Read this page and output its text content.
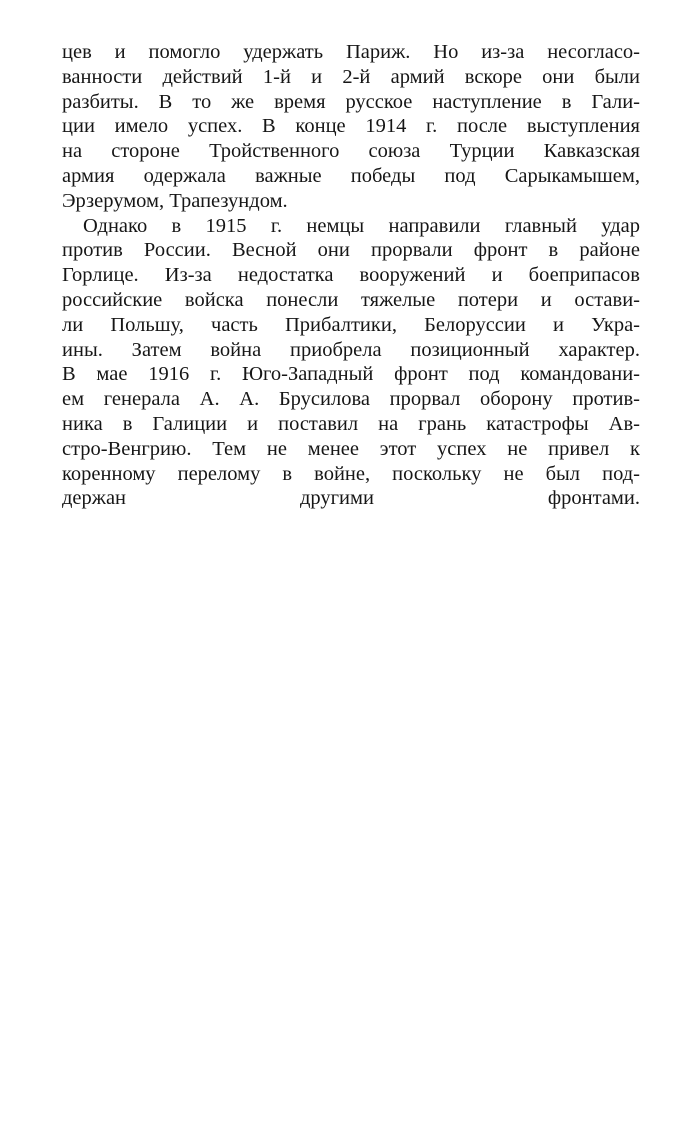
цев и помогло удержать Париж. Но из-за несогласо-
ванности действий 1-й и 2-й армий вскоре они были
разбиты. В то же время русское наступление в Гали-
ции имело успех. В конце 1914 г. после выступления
на стороне Тройственного союза Турции Кавказская
армия одержала важные победы под Сарыкамышем,
Эрзерумом, Трапезундом.
Однако в 1915 г. немцы направили главный удар
против России. Весной они прорвали фронт в районе
Горлице. Из-за недостатка вооружений и боеприпасов
российские войска понесли тяжелые потери и остави-
ли Польшу, часть Прибалтики, Белоруссии и Укра-
ины. Затем война приобрела позиционный характер.
В мае 1916 г. Юго-Западный фронт под командовани-
ем генерала А. А. Брусилова прорвал оборону против-
ника в Галиции и поставил на грань катастрофы Ав-
стро-Венгрию. Тем не менее этот успех не привел к
коренному перелому в войне, поскольку не был под-
держан другими фронтами.
